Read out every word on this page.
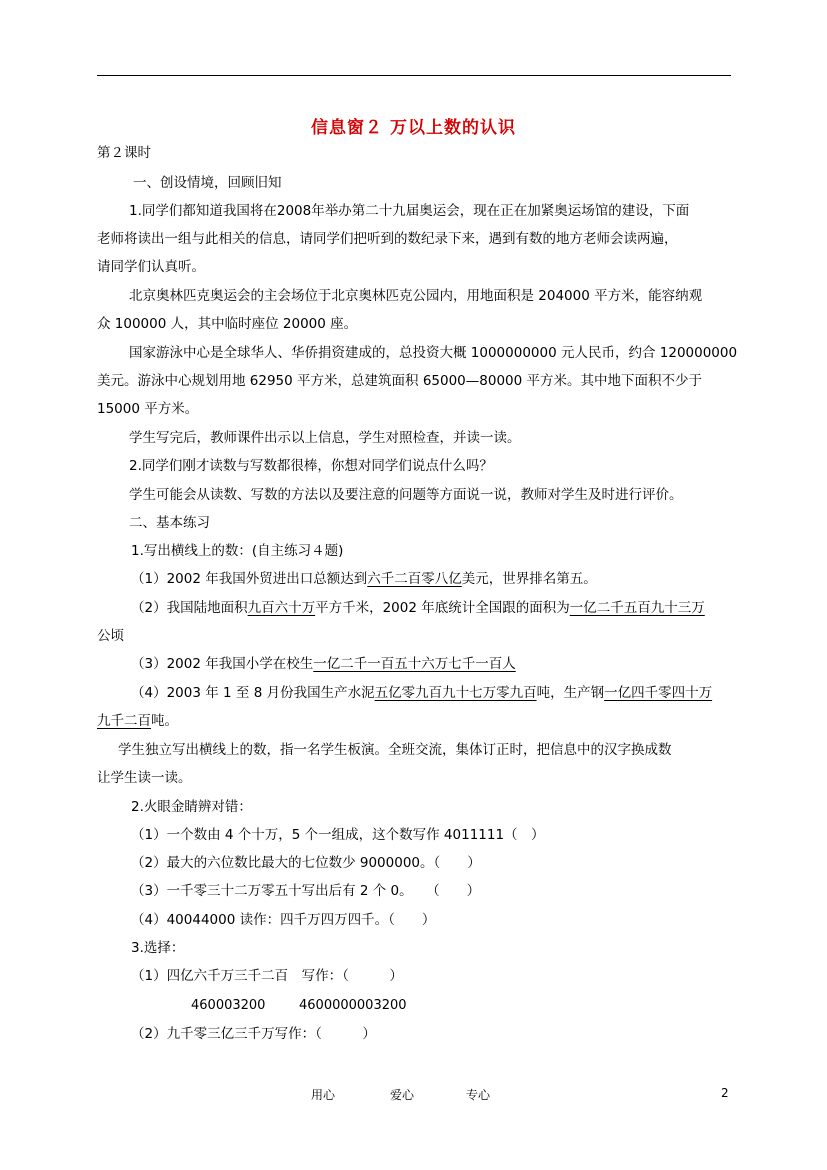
信息窗２ 万以上数的认识
第２课时
一、创设情境，回顾旧知
1.同学们都知道我国将在2008年举办第二十九届奥运会，现在正在加紧奥运场馆的建设，下面
老师将读出一组与此相关的信息，请同学们把听到的数纪录下来，遇到有数的地方老师会读两遍，
请同学们认真听。
北京奥林匹克奥运会的主会场位于北京奥林匹克公园内，用地面积是 204000 平方米，能容纳观
众 100000 人，其中临时座位 20000 座。
国家游泳中心是全球华人、华侨捐资建成的，总投资大概 1000000000 元人民币，约合 120000000
美元。游泳中心规划用地 62950 平方米，总建筑面积 65000—80000 平方米。其中地下面积不少于
15000 平方米。
学生写完后，教师课件出示以上信息，学生对照检查，并读一读。
2.同学们刚才读数与写数都很棒，你想对同学们说点什么吗？
学生可能会从读数、写数的方法以及要注意的问题等方面说一说，教师对学生及时进行评价。
二、基本练习
1.写出横线上的数：(自主练习４题)
（1）2002 年我国外贸进出口总额达到六千二百零八亿美元，世界排名第五。
（2）我国陆地面积九百六十万平方千米，2002 年底统计全国跟的面积为一亿二千五百九十三万
公顷
（3）2002 年我国小学在校生一亿二千一百五十六万七千一百人
（4）2003 年 1 至 8 月份我国生产水泥五亿零九百九十七万零九百吨，生产钢一亿四千零四十万
九千二百吨。
学生独立写出横线上的数，指一名学生板演。全班交流，集体订正时，把信息中的汉字换成数
让学生读一读。
2.火眼金睛辨对错：
（1）一个数由 4 个十万，5 个一组成，这个数写作 4011111（　）
（2）最大的六位数比最大的七位数少 9000000。（　　）
（3）一千零三十二万零五十写出后有 2 个 0。　　（　　）
（4）40044000 读作：四千万四万四千。（　　）
3.选择：
（1）四亿六千万三千二百　写作：（　　　）
460003200	4600000003200
（2）九千零三亿三千万写作：（　　　）
用心	爱心	专心	2
